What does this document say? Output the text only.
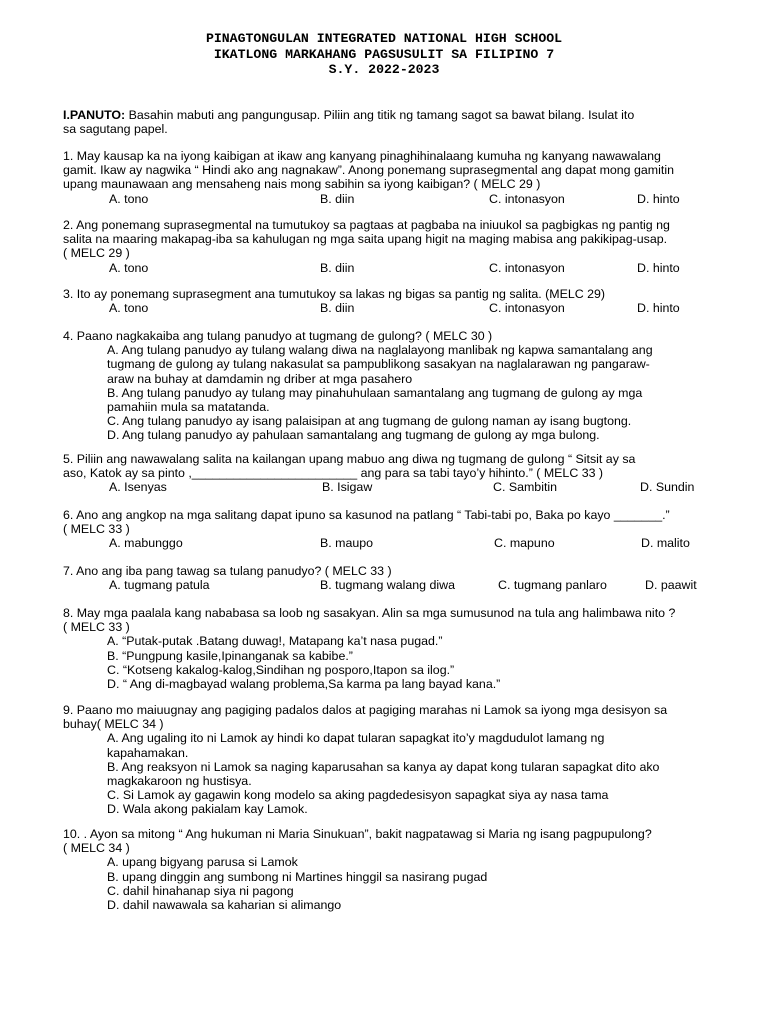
PINAGTONGULAN INTEGRATED NATIONAL HIGH SCHOOL
IKATLONG MARKAHANG PAGSUSULIT SA FILIPINO 7
S.Y. 2022-2023
I.PANUTO: Basahin mabuti ang pangungusap. Piliin ang titik ng tamang sagot sa bawat bilang. Isulat ito
sa sagutang papel.
1. May kausap ka na iyong kaibigan at ikaw ang kanyang pinaghihinalaang kumuha ng kanyang nawawalang
gamit. Ikaw ay nagwika “ Hindi ako ang nagnakaw”. Anong ponemang suprasegmental ang dapat mong gamitin
upang maunawaan ang mensaheng nais mong sabihin sa iyong kaibigan? ( MELC 29 )
A. tono	B. diin	C. intonasyon	D. hinto
2. Ang ponemang suprasegmental na tumutukoy sa pagtaas at pagbaba na iniuukol sa pagbigkas ng pantig ng
salita na maaring makapag-iba sa kahulugan ng mga saita upang higit na maging mabisa ang pakikipag-usap.
( MELC 29 )
A. tono	B. diin	C. intonasyon	D. hinto
3. Ito ay ponemang suprasegment ana tumutukoy sa lakas ng bigas sa pantig ng salita. (MELC 29)
A. tono	B. diin	C. intonasyon	D. hinto
4. Paano nagkakaiba ang tulang panudyo at tugmang de gulong? ( MELC 30 )
A. Ang tulang panudyo ay tulang walang diwa na naglalayong manlibak ng kapwa samantalang ang
tugmang de gulong ay tulang nakasulat sa pampublikong sasakyan na naglalarawan ng pangaraw-
araw na buhay at damdamin ng driber at mga pasahero
B. Ang tulang panudyo ay tulang may pinahuhulaan samantalang ang tugmang de gulong ay mga
pamahiin mula sa matatanda.
C. Ang tulang panudyo ay isang palaisipan at ang tugmang de gulong naman ay isang bugtong.
D. Ang tulang panudyo ay pahulaan samantalang ang tugmang de gulong ay mga bulong.
5. Piliin ang nawawalang salita na kailangan upang mabuo ang diwa ng tugmang de gulong “ Sitsit ay sa
aso, Katok ay sa pinto ,________________________ ang para sa tabi tayo’y hihinto.” ( MELC 33 )
A. Isenyas	B. Isigaw	C. Sambitin	D. Sundin
6. Ano ang angkop na mga salitang dapat ipuno sa kasunod na patlang “ Tabi-tabi po, Baka po kayo _______.”
( MELC 33 )
A. mabunggo	B. maupo	C. mapuno	D. malito
7. Ano ang iba pang tawag sa tulang panudyo? ( MELC 33 )
A. tugmang patula	B. tugmang walang diwa	C. tugmang panlaro	D. paawit
8. May mga paalala kang nababasa sa loob ng sasakyan. Alin sa mga sumusunod na tula ang halimbawa nito ?
( MELC 33 )
A. “Putak-putak .Batang duwag!, Matapang ka’t nasa pugad.”
B. “Pungpung kasile,Ipinanganak sa kabibe.”
C. “Kotseng kakalog-kalog,Sindihan ng posporo,Itapon sa ilog.”
D. “ Ang di-magbayad walang problema,Sa karma pa lang bayad kana.”
9. Paano mo maiuugnay ang pagiging padalos dalos at pagiging marahas ni Lamok sa iyong mga desisyon sa
buhay( MELC 34 )
A. Ang ugaling ito ni Lamok ay hindi ko dapat tularan sapagkat ito’y magdudulot lamang ng
kapahamakan.
B. Ang reaksyon ni Lamok sa naging kaparusahan sa kanya ay dapat kong tularan sapagkat dito ako
magkakaroon ng hustisya.
C. Si Lamok ay gagawin kong modelo sa aking pagdedesisyon sapagkat siya ay nasa tama
D. Wala akong pakialam kay Lamok.
10. . Ayon sa mitong “ Ang hukuman ni Maria Sinukuan”, bakit nagpatawag si Maria ng isang pagpupulong?
( MELC 34 )
A. upang bigyang parusa si Lamok
B. upang dinggin ang sumbong ni Martines hinggil sa nasirang pugad
C. dahil hinahanap siya ni pagong
D. dahil nawawala sa kaharian si alimango
